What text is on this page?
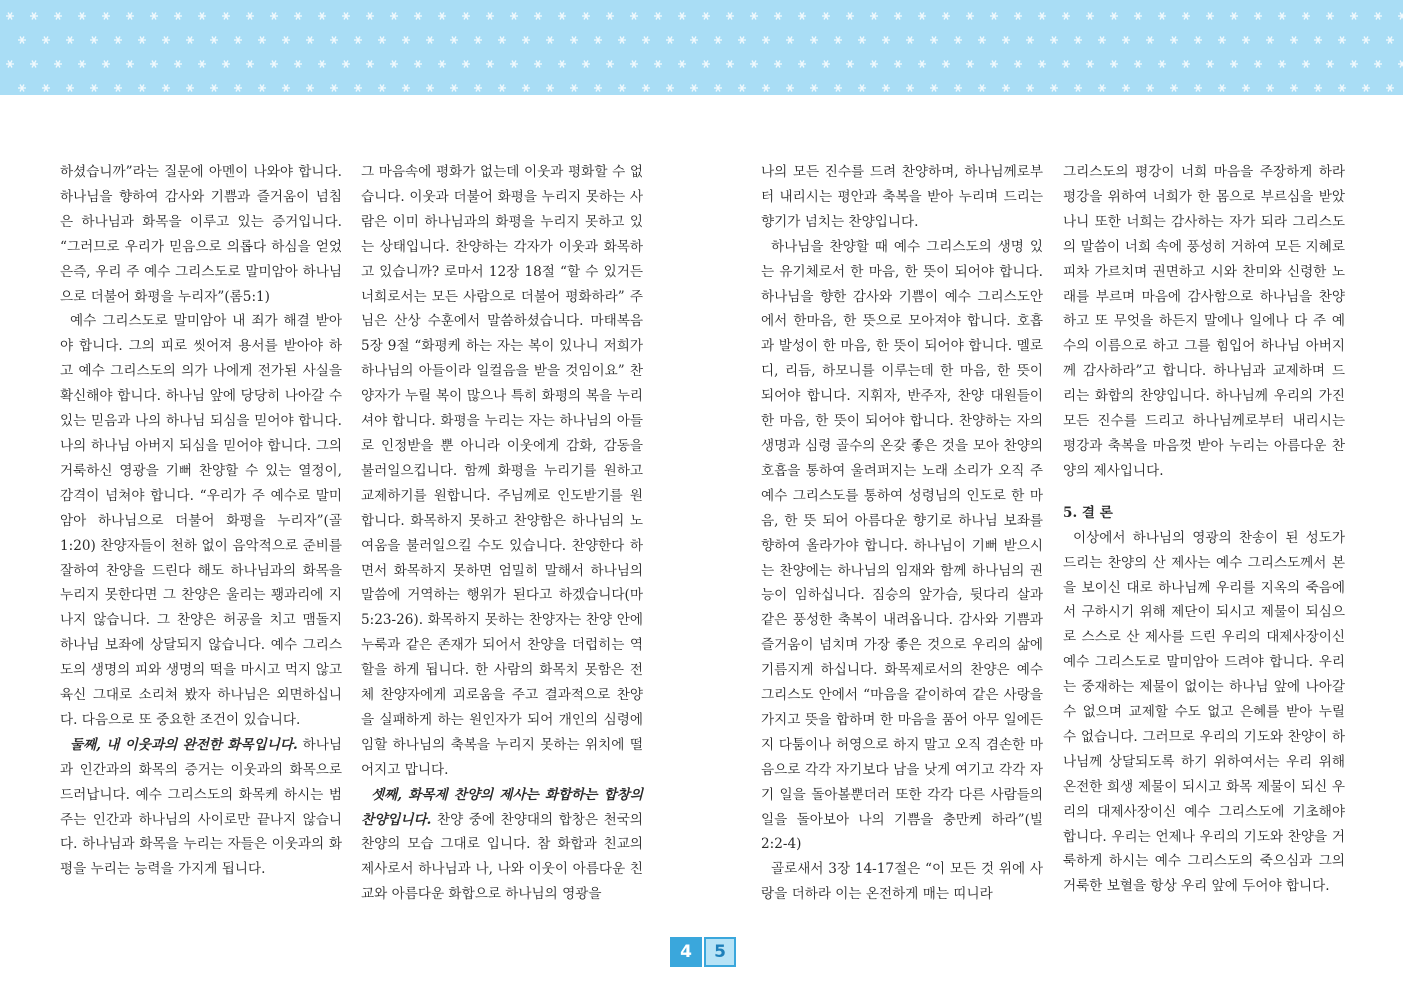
하셨습니까”라는 질문에 아멘이 나와야 합니다. 하나님을 향하여 감사와 기쁨과 즐거움이 넘침은 하나님과 화목을 이루고 있는 증거입니다. “그러므로 우리가 믿음으로 의롭다 하심을 얻었은즉, 우리 주 예수 그리스도로 말미암아 하나님으로 더불어 화평을 누리자”(롬5:1)

예수 그리스도로 말미암아 내 죄가 해결 받아야 합니다. 그의 피로 씻어져 용서를 받아야 하고 예수 그리스도의 의가 나에게 전가된 사실을 확신해야 합니다. 하나님 앞에 당당히 나아갈 수 있는 믿음과 나의 하나님 되심을 믿어야 합니다. 나의 하나님 아버지 되심을 믿어야 합니다. 그의 거룩하신 영광을 기뻐 찬양할 수 있는 열정이, 감격이 넘쳐야 합니다. “우리가 주 예수로 말미암아 하나님으로 더불어 화평을 누리자”(골 1:20) 찬양자들이 천하 없이 음악적으로 준비를 잘하여 찬양을 드린다 해도 하나님과의 화목을 누리지 못한다면 그 찬양은 울리는 꽹과리에 지나지 않습니다. 그 찬양은 허공을 치고 맴돌지 하나님 보좌에 상달되지 않습니다. 예수 그리스도의 생명의 피와 생명의 떡을 마시고 먹지 않고 육신 그대로 소리쳐 봤자 하나님은 외면하십니다. 다음으로 또 중요한 조건이 있습니다.

둘째, 내 이웃과의 완전한 화목입니다. 하나님과 인간과의 화목의 증거는 이웃과의 화목으로 드러납니다. 예수 그리스도의 화목케 하시는 범주는 인간과 하나님의 사이로만 끝나지 않습니다. 하나님과 화목을 누리는 자들은 이웃과의 화평을 누리는 능력을 가지게 됩니다.

그 마음속에 평화가 없는데 이웃과 평화할 수 없습니다. 이웃과 더불어 화평을 누리지 못하는 사람은 이미 하나님과의 화평을 누리지 못하고 있는 상태입니다. 찬양하는 각자가 이웃과 화목하고 있습니까? 로마서 12장 18절 “할 수 있거든 너희로서는 모든 사람으로 더불어 평화하라” 주님은 산상 수훈에서 말씀하셨습니다. 마태복음 5장 9절 “화평케 하는 자는 복이 있나니 저희가 하나님의 아들이라 일컬음을 받을 것임이요” 찬양자가 누릴 복이 많으나 특히 화평의 복을 누리셔야 합니다. 화평을 누리는 자는 하나님의 아들로 인정받을 뿐 아니라 이웃에게 감화, 감동을 불러일으킵니다. 함께 화평을 누리기를 원하고 교제하기를 원합니다. 주님께로 인도받기를 원합니다. 화목하지 못하고 찬양함은 하나님의 노여움을 불러일으킬 수도 있습니다. 찬양한다 하면서 화목하지 못하면 엄밀히 말해서 하나님의 말씀에 거역하는 행위가 된다고 하겠습니다(마 5:23-26). 화목하지 못하는 찬양자는 찬양 안에 누룩과 같은 존재가 되어서 찬양을 더럽히는 역할을 하게 됩니다. 한 사람의 화목치 못함은 전체 찬양자에게 괴로움을 주고 결과적으로 찬양을 실패하게 하는 원인자가 되어 개인의 심령에 임할 하나님의 축복을 누리지 못하는 위치에 떨어지고 맙니다.

셋째, 화목제 찬양의 제사는 화합하는 합창의 찬양입니다. 찬양 중에 찬양대의 합창은 천국의 찬양의 모습 그대로 입니다. 참 화합과 친교의 제사로서 하나님과 나, 나와 이웃이 아름다운 친교와 아름다운 화합으로 하나님의 영광을

나의 모든 진수를 드려 찬양하며, 하나님께로부터 내리시는 평안과 축복을 받아 누리며 드리는 향기가 넘치는 찬양입니다.

하나님을 찬양할 때 예수 그리스도의 생명 있는 유기체로서 한 마음, 한 뜻이 되어야 합니다. 하나님을 향한 감사와 기쁨이 예수 그리스도안에서 한마음, 한 뜻으로 모아져야 합니다. 호흡과 발성이 한 마음, 한 뜻이 되어야 합니다. 멜로디, 리듬, 하모니를 이루는데 한 마음, 한 뜻이 되어야 합니다. 지휘자, 반주자, 찬양 대원들이 한 마음, 한 뜻이 되어야 합니다. 찬양하는 자의 생명과 심령 골수의 온갖 좋은 것을 모아 찬양의 호흡을 통하여 울려퍼지는 노래 소리가 오직 주 예수 그리스도를 통하여 성령님의 인도로 한 마음, 한 뜻 되어 아름다운 향기로 하나님 보좌를 향하여 올라가야 합니다. 하나님이 기뻐 받으시는 찬양에는 하나님의 임재와 함께 하나님의 권능이 임하십니다. 짐승의 앞가슴, 뒷다리 살과 같은 풍성한 축복이 내려옵니다. 감사와 기쁨과 즐거움이 넘치며 가장 좋은 것으로 우리의 삶에 기름지게 하십니다. 화목제로서의 찬양은 예수 그리스도 안에서 “마음을 같이하여 같은 사랑을 가지고 뜻을 합하며 한 마음을 품어 아무 일에든지 다툼이나 허영으로 하지 말고 오직 겸손한 마음으로 각각 자기보다 남을 낫게 여기고 각각 자기 일을 돌아볼뿐더러 또한 각각 다른 사람들의 일을 돌아보아 나의 기쁨을 충만케 하라”(빌 2:2-4)

골로새서 3장 14-17절은 “이 모든 것 위에 사랑을 더하라 이는 온전하게 매는 띠니라

그리스도의 평강이 너희 마음을 주장하게 하라 평강을 위하여 너희가 한 몸으로 부르심을 받았나니 또한 너희는 감사하는 자가 되라 그리스도의 말씀이 너희 속에 풍성히 거하여 모든 지혜로 피차 가르치며 권면하고 시와 찬미와 신령한 노래를 부르며 마음에 감사함으로 하나님을 찬양하고 또 무엇을 하든지 말에나 일에나 다 주 예수의 이름으로 하고 그를 힘입어 하나님 아버지께 감사하라”고 합니다. 하나님과 교제하며 드리는 화합의 찬양입니다. 하나님께 우리의 가진 모든 진수를 드리고 하나님께로부터 내리시는 평강과 축복을 마음껏 받아 누리는 아름다운 찬양의 제사입니다.

5. 결 론

이상에서 하나님의 영광의 찬송이 된 성도가 드리는 찬양의 산 제사는 예수 그리스도께서 본을 보이신 대로 하나님께 우리를 지옥의 죽음에서 구하시기 위해 제단이 되시고 제물이 되심으로 스스로 산 제사를 드린 우리의 대제사장이신 예수 그리스도로 말미암아 드려야 합니다. 우리는 중재하는 제물이 없이는 하나님 앞에 나아갈 수 없으며 교제할 수도 없고 은혜를 받아 누릴 수 없습니다. 그러므로 우리의 기도와 찬양이 하나님께 상달되도록 하기 위하여서는 우리 위해 온전한 희생 제물이 되시고 화목 제물이 되신 우리의 대제사장이신 예수 그리스도에 기초해야 합니다. 우리는 언제나 우리의 기도와 찬양을 거룩하게 하시는 예수 그리스도의 죽으심과 그의 거룩한 보혈을 항상 우리 앞에 두어야 합니다.

4	5
